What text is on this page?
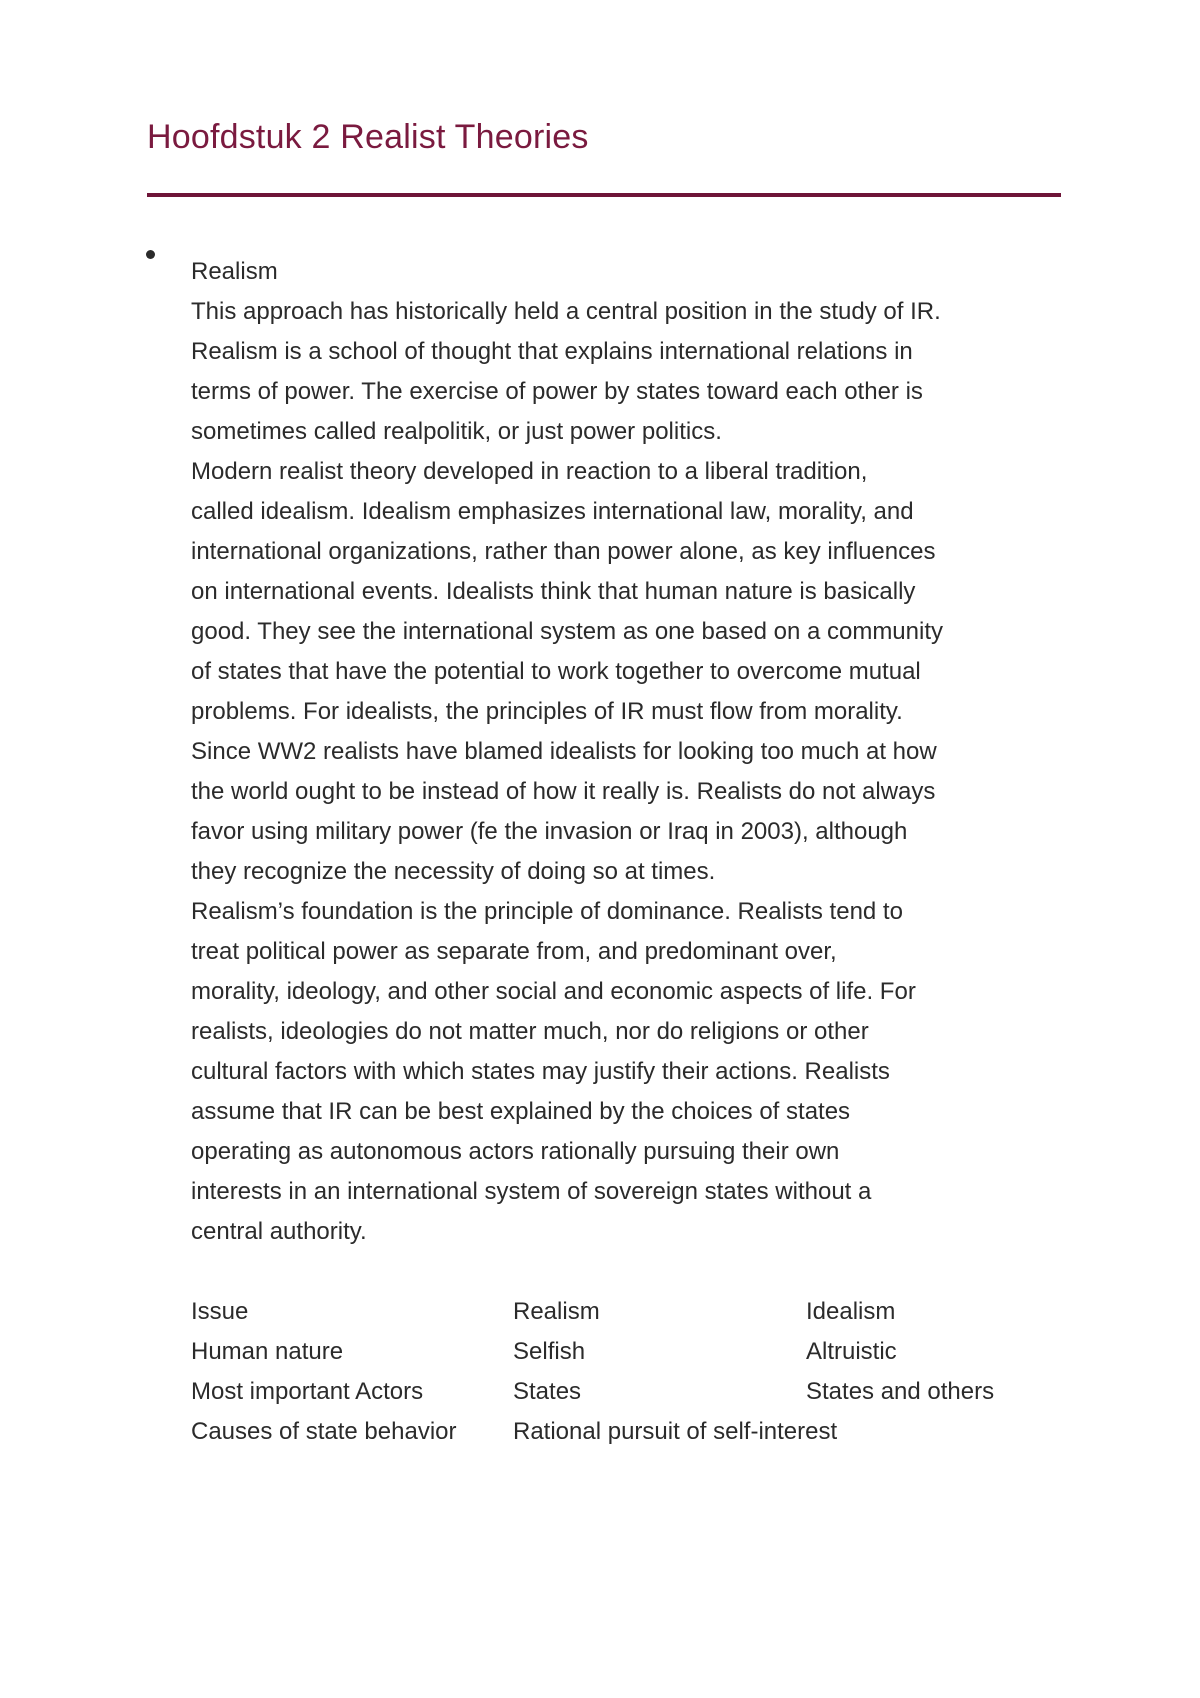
Hoofdstuk 2 Realist Theories
Realism
This approach has historically held a central position in the study of IR.
Realism is a school of thought that explains international relations in
terms of power. The exercise of power by states toward each other is
sometimes called realpolitik, or just power politics.
Modern realist theory developed in reaction to a liberal tradition,
called idealism. Idealism emphasizes international law, morality, and
international organizations, rather than power alone, as key influences
on international events. Idealists think that human nature is basically
good. They see the international system as one based on a community
of states that have the potential to work together to overcome mutual
problems. For idealists, the principles of IR must flow from morality.
Since WW2 realists have blamed idealists for looking too much at how
the world ought to be instead of how it really is. Realists do not always
favor using military power (fe the invasion or Iraq in 2003), although
they recognize the necessity of doing so at times.
Realism’s foundation is the principle of dominance. Realists tend to
treat political power as separate from, and predominant over,
morality, ideology, and other social and economic aspects of life. For
realists, ideologies do not matter much, nor do religions or other
cultural factors with which states may justify their actions. Realists
assume that IR can be best explained by the choices of states
operating as autonomous actors rationally pursuing their own
interests in an international system of sovereign states without a
central authority.
Issue	Realism	Idealism
Human nature	Selfish	Altruistic
Most important Actors	States	States and others
Causes of state behavior	Rational pursuit of self-interest
